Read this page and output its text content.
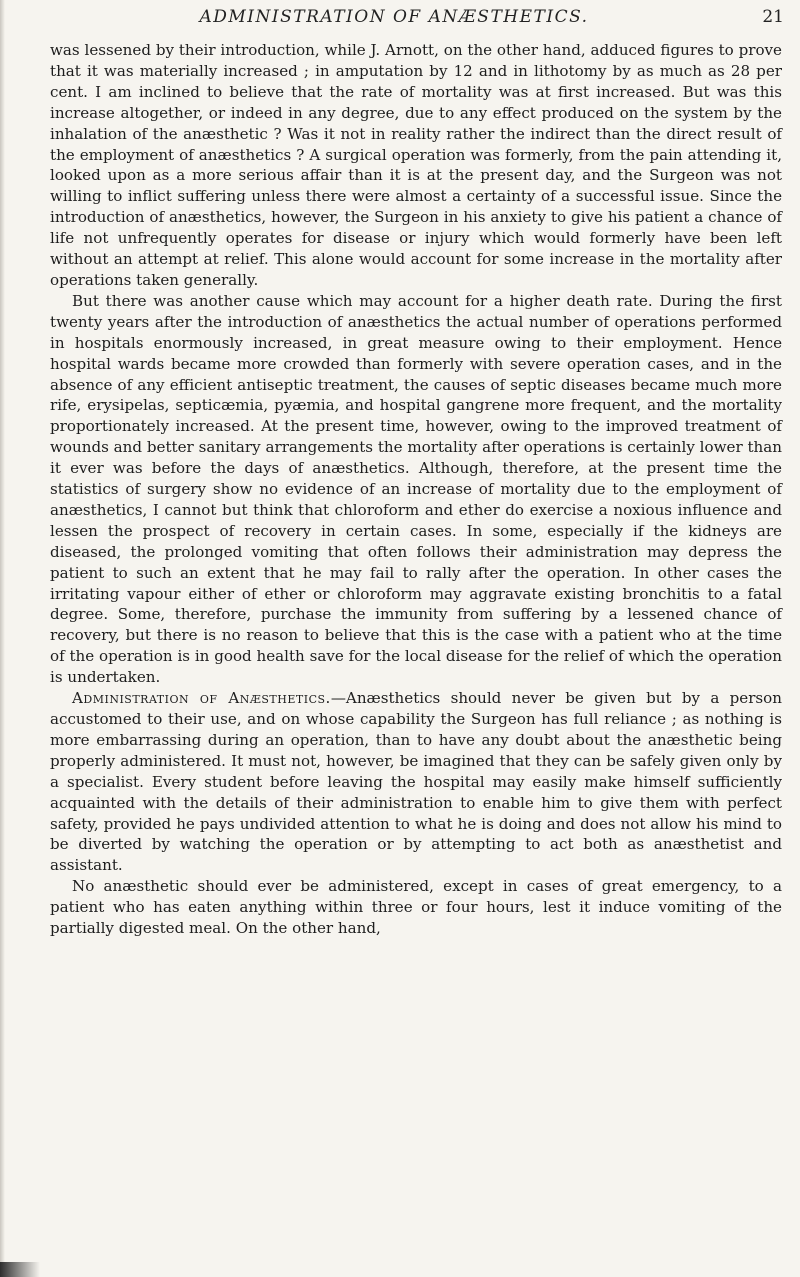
ADMINISTRATION OF ANÆSTHETICS.	21

was lessened by their introduction, while J. Arnott, on the other hand, adduced figures to prove that it was materially increased ; in amputation by 12 and in lithotomy by as much as 28 per cent. I am inclined to believe that the rate of mortality was at first increased. But was this increase altogether, or indeed in any degree, due to any effect produced on the system by the inhalation of the anæsthetic ? Was it not in reality rather the indirect than the direct result of the employment of anæsthetics ? A surgical operation was formerly, from the pain attending it, looked upon as a more serious affair than it is at the present day, and the Surgeon was not willing to inflict suffering unless there were almost a certainty of a successful issue. Since the introduction of anæsthetics, however, the Surgeon in his anxiety to give his patient a chance of life not unfrequently operates for disease or injury which would formerly have been left without an attempt at relief. This alone would account for some increase in the mortality after operations taken generally.

But there was another cause which may account for a higher death rate. During the first twenty years after the introduction of anæsthetics the actual number of operations performed in hospitals enormously increased, in great measure owing to their employment. Hence hospital wards became more crowded than formerly with severe operation cases, and in the absence of any efficient antiseptic treatment, the causes of septic diseases became much more rife, erysipelas, septicæmia, pyæmia, and hospital gangrene more frequent, and the mortality proportionately increased. At the present time, however, owing to the improved treatment of wounds and better sanitary arrangements the mortality after operations is certainly lower than it ever was before the days of anæsthetics. Although, therefore, at the present time the statistics of surgery show no evidence of an increase of mortality due to the employment of anæsthetics, I cannot but think that chloroform and ether do exercise a noxious influence and lessen the prospect of recovery in certain cases. In some, especially if the kidneys are diseased, the prolonged vomiting that often follows their administration may depress the patient to such an extent that he may fail to rally after the operation. In other cases the irritating vapour either of ether or chloroform may aggravate existing bronchitis to a fatal degree. Some, therefore, purchase the immunity from suffering by a lessened chance of recovery, but there is no reason to believe that this is the case with a patient who at the time of the operation is in good health save for the local disease for the relief of which the operation is undertaken.

Administration of Anæsthetics.—Anæsthetics should never be given but by a person accustomed to their use, and on whose capability the Surgeon has full reliance ; as nothing is more embarrassing during an operation, than to have any doubt about the anæsthetic being properly administered. It must not, however, be imagined that they can be safely given only by a specialist. Every student before leaving the hospital may easily make himself sufficiently acquainted with the details of their administration to enable him to give them with perfect safety, provided he pays undivided attention to what he is doing and does not allow his mind to be diverted by watching the operation or by attempting to act both as anæsthetist and assistant.

No anæsthetic should ever be administered, except in cases of great emergency, to a patient who has eaten anything within three or four hours, lest it induce vomiting of the partially digested meal. On the other hand,
